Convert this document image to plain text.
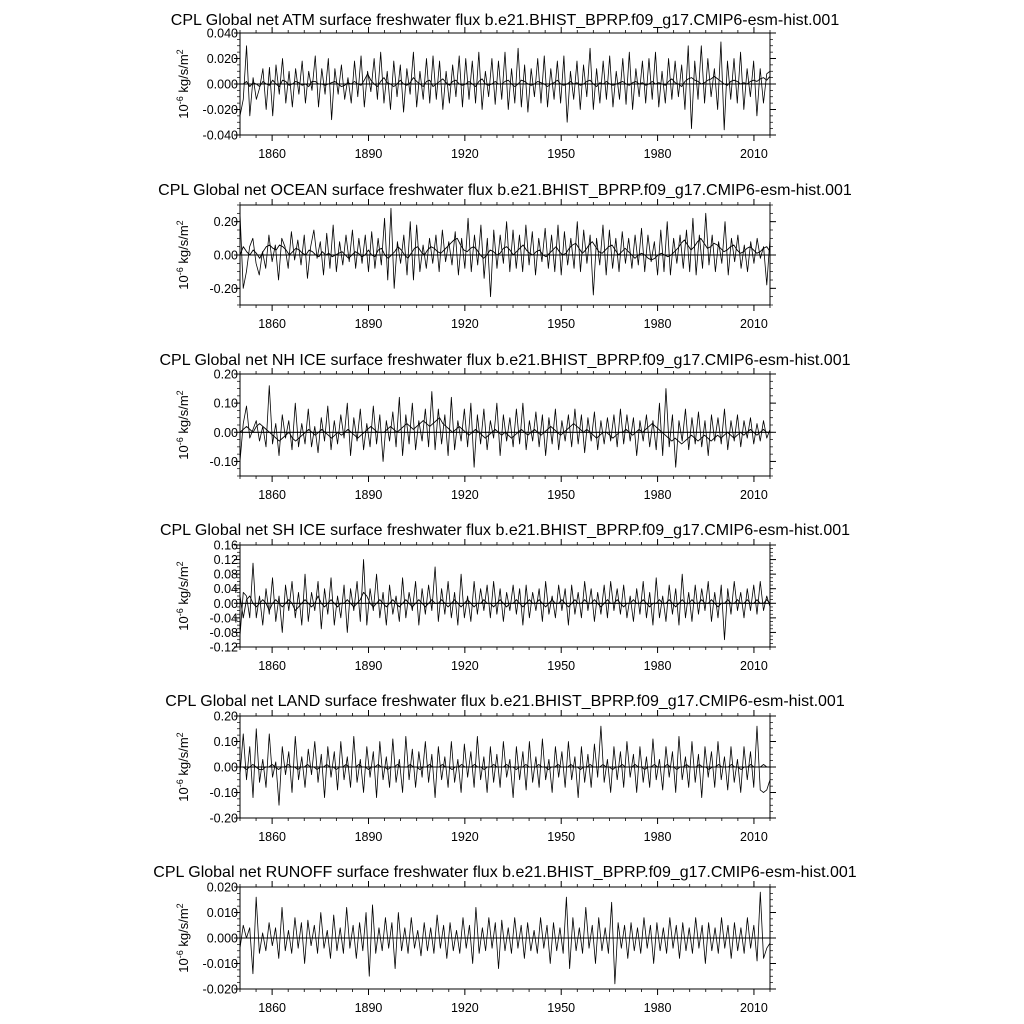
CPL Global net ATM surface freshwater flux b.e21.BHIST_BPRP.f09_g17.CMIP6-esm-hist.001
1860	1890	1920	1950	1980	2010
-0.040
-0.020
0.000
0.020
0.040
$10^{-6}$ $kg/s/m^2$
CPL Global net OCEAN surface freshwater flux b.e21.BHIST_BPRP.f09_g17.CMIP6-esm-hist.001
1860	1890	1920	1950	1980	2010
-0.20
0.00
0.20
$10^{-6}$ $kg/s/m^2$
CPL Global net NH ICE surface freshwater flux b.e21.BHIST_BPRP.f09_g17.CMIP6-esm-hist.001
1860	1890	1920	1950	1980	2010
-0.10
0.00
0.10
0.20
$10^{-6}$ $kg/s/m^2$
CPL Global net SH ICE surface freshwater flux b.e21.BHIST_BPRP.f09_g17.CMIP6-esm-hist.001
1860	1890	1920	1950	1980	2010
-0.12
-0.08
-0.04
0.00
0.04
0.08
0.12
0.16
$10^{-6}$ $kg/s/m^2$
CPL Global net LAND surface freshwater flux b.e21.BHIST_BPRP.f09_g17.CMIP6-esm-hist.001
1860	1890	1920	1950	1980	2010
-0.20
-0.10
0.00
0.10
0.20
$10^{-6}$ $kg/s/m^2$
CPL Global net RUNOFF surface freshwater flux b.e21.BHIST_BPRP.f09_g17.CMIP6-esm-hist.001
1860	1890	1920	1950	1980	2010
-0.020
-0.010
0.000
0.010
0.020
$10^{-6}$ $kg/s/m^2$
